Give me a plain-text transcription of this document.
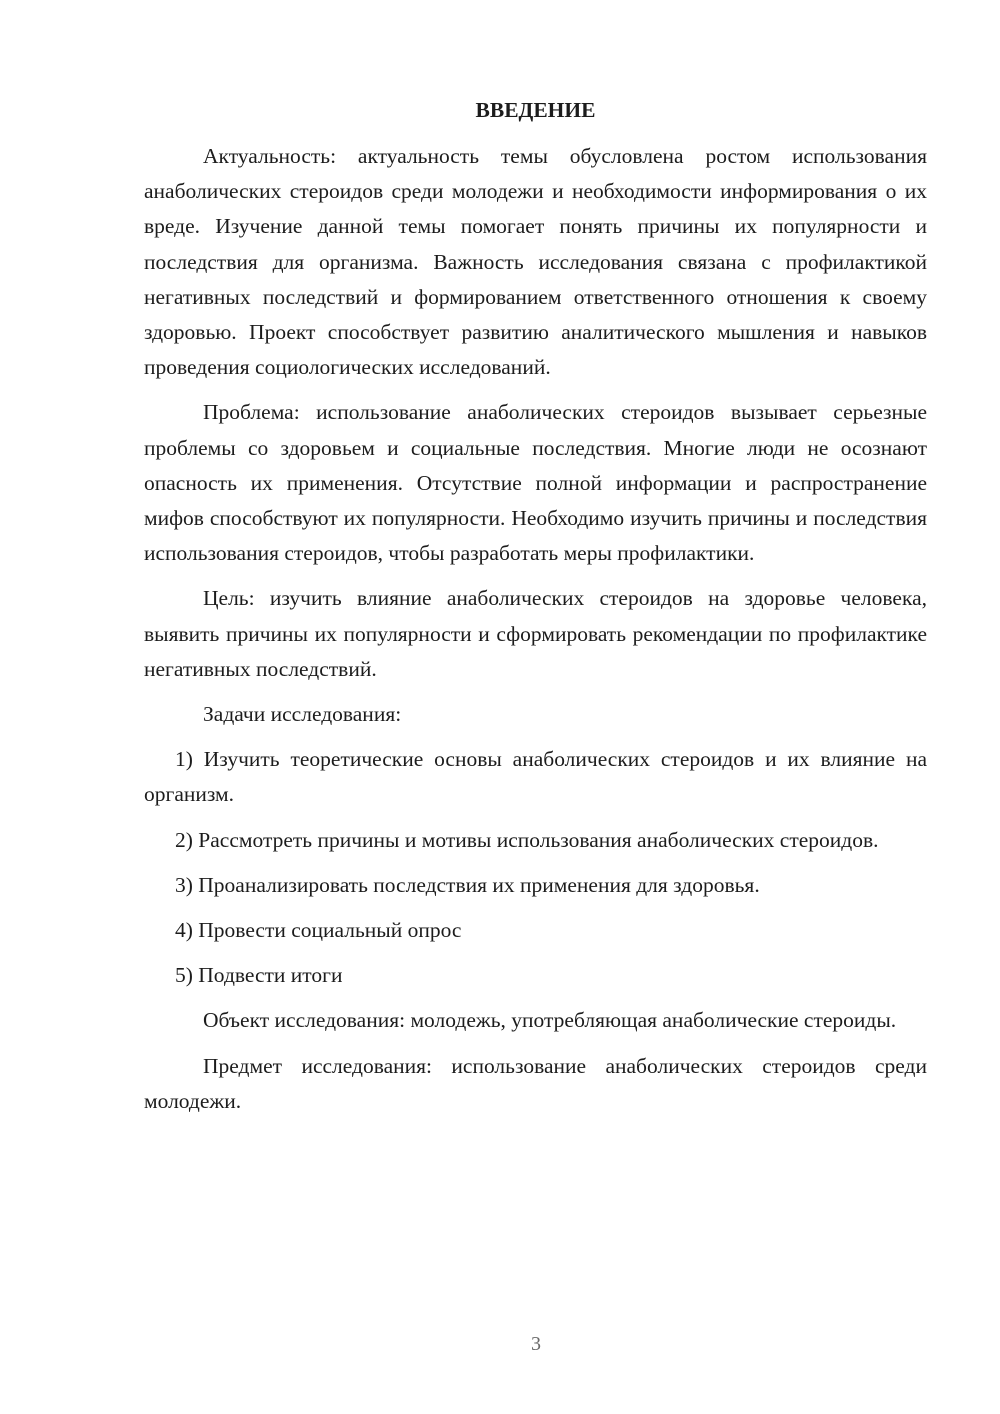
ВВЕДЕНИЕ

Актуальность: актуальность темы обусловлена ростом использования анаболических стероидов среди молодежи и необходимости информирования о их вреде. Изучение данной темы помогает понять причины их популярности и последствия для организма. Важность исследования связана с профилактикой негативных последствий и формированием ответственного отношения к своему здоровью. Проект способствует развитию аналитического мышления и навыков проведения социологических исследований.

Проблема: использование анаболических стероидов вызывает серьезные проблемы со здоровьем и социальные последствия. Многие люди не осознают опасность их применения. Отсутствие полной информации и распространение мифов способствуют их популярности. Необходимо изучить причины и последствия использования стероидов, чтобы разработать меры профилактики.

Цель: изучить влияние анаболических стероидов на здоровье человека, выявить причины их популярности и сформировать рекомендации по профилактике негативных последствий.

Задачи исследования:

1) Изучить теоретические основы анаболических стероидов и их влияние на организм.

2) Рассмотреть причины и мотивы использования анаболических стероидов.

3) Проанализировать последствия их применения для здоровья.

4) Провести социальный опрос

5) Подвести итоги

Объект исследования: молодежь, употребляющая анаболические стероиды.

Предмет исследования: использование анаболических стероидов среди молодежи.

3
